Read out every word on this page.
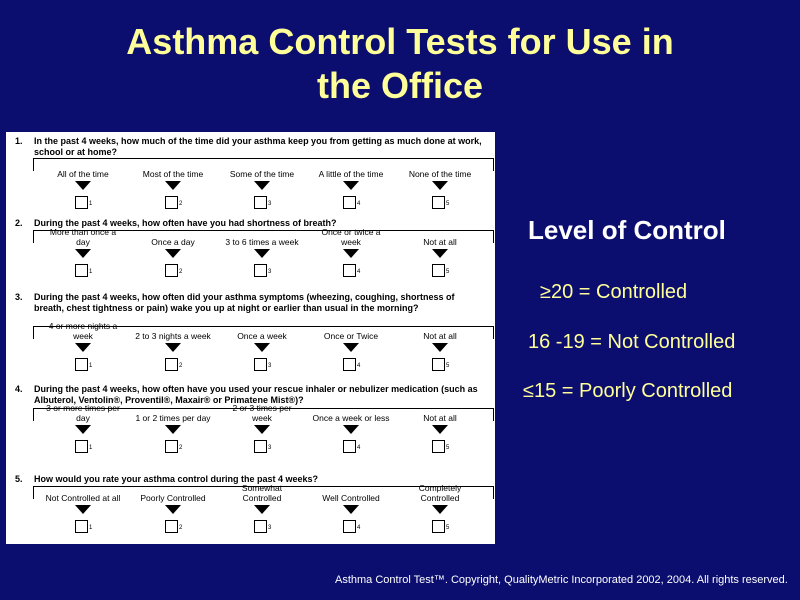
Asthma Control Tests for Use in
the Office
1. In the past 4 weeks, how much of the time did your asthma keep you from getting as much done at work, school or at home?
All of the time
1
Most of the time
2
Some of the time
3
A little of the time
4
None of the time
5
2. During the past 4 weeks, how often have you had shortness of breath?
More than once a day
1
Once a day
2
3 to 6 times a week
3
Once or twice a week
4
Not at all
5
3. During the past 4 weeks, how often did your asthma symptoms (wheezing, coughing, shortness of breath, chest tightness or pain) wake you up at night or earlier than usual in the morning?
4 or more nights a week
1
2 to 3 nights a week
2
Once a week
3
Once or Twice
4
Not at all
5
4. During the past 4 weeks, how often have you used your rescue inhaler or nebulizer medication (such as Albuterol, Ventolin®, Proventil®, Maxair® or Primatene Mist®)?
3 or more times per day
1
1 or 2 times per day
2
2 or 3 times per week
3
Once a week or less
4
Not at all
5
5. How would you rate your asthma control during the past 4 weeks?
Not Controlled at all
1
Poorly Controlled
2
Somewhat Controlled
3
Well Controlled
4
Completely Controlled
5
Level of Control
≥20 = Controlled
16 -19 = Not Controlled
≤15 = Poorly Controlled
Asthma Control Test™. Copyright, QualityMetric Incorporated 2002, 2004. All rights reserved.
